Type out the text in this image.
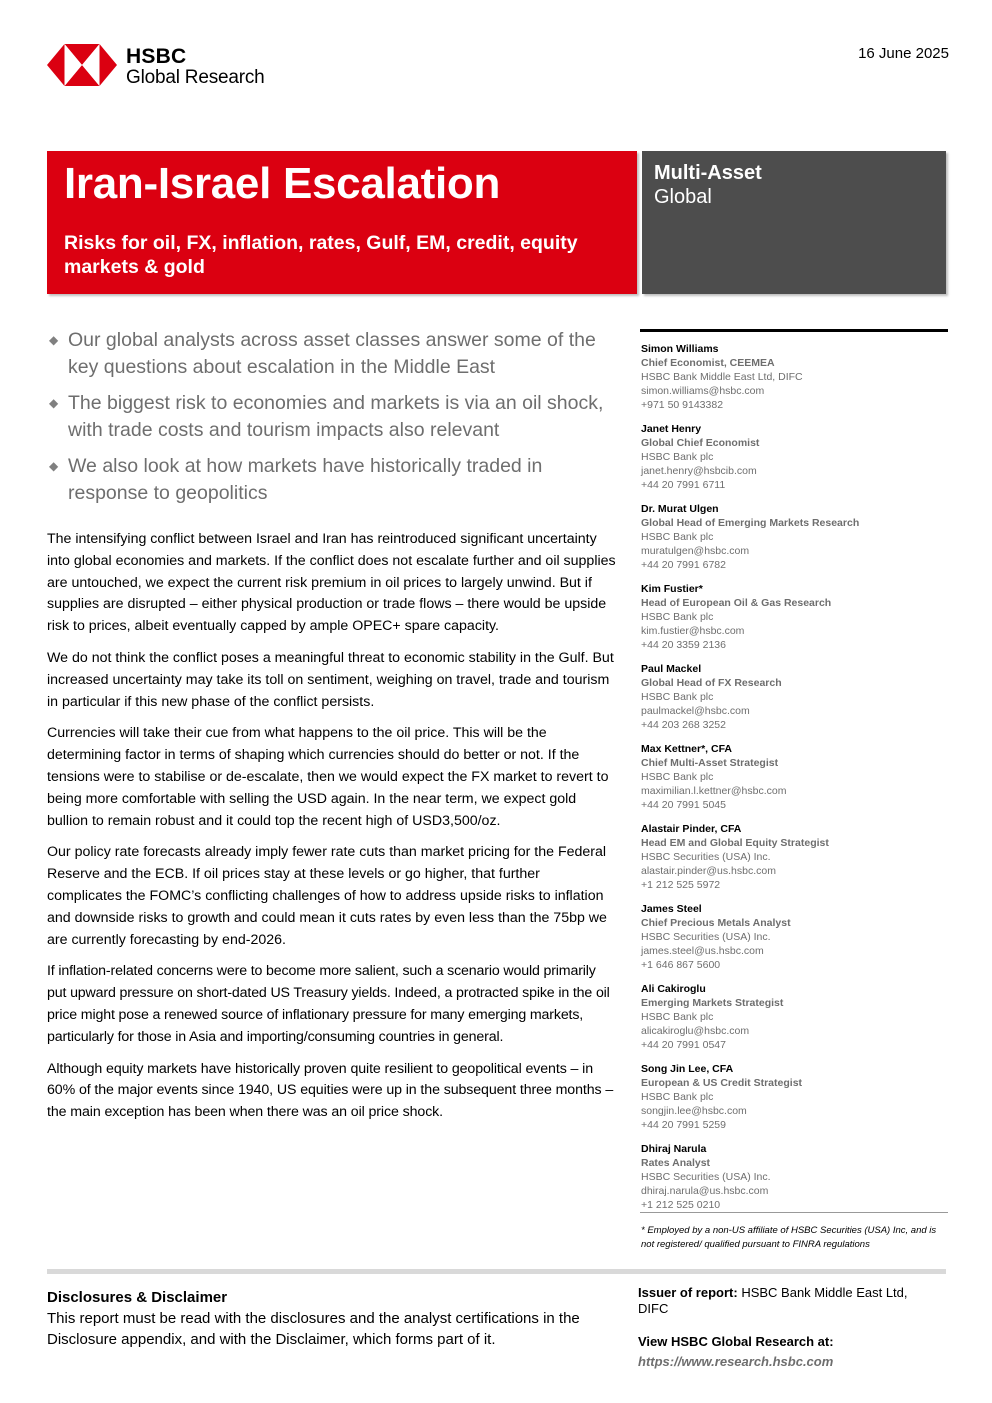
HSBC
Global Research
16 June 2025
Iran-Israel Escalation
Risks for oil, FX, inflation, rates, Gulf, EM, credit, equity markets & gold
Multi-Asset
Global
◆ Our global analysts across asset classes answer some of the key questions about escalation in the Middle East
◆ The biggest risk to economies and markets is via an oil shock, with trade costs and tourism impacts also relevant
◆ We also look at how markets have historically traded in response to geopolitics

The intensifying conflict between Israel and Iran has reintroduced significant uncertainty into global economies and markets. If the conflict does not escalate further and oil supplies are untouched, we expect the current risk premium in oil prices to largely unwind. But if supplies are disrupted – either physical production or trade flows – there would be upside risk to prices, albeit eventually capped by ample OPEC+ spare capacity.

We do not think the conflict poses a meaningful threat to economic stability in the Gulf. But increased uncertainty may take its toll on sentiment, weighing on travel, trade and tourism in particular if this new phase of the conflict persists.

Currencies will take their cue from what happens to the oil price. This will be the determining factor in terms of shaping which currencies should do better or not. If the tensions were to stabilise or de-escalate, then we would expect the FX market to revert to being more comfortable with selling the USD again. In the near term, we expect gold bullion to remain robust and it could top the recent high of USD3,500/oz.

Our policy rate forecasts already imply fewer rate cuts than market pricing for the Federal Reserve and the ECB. If oil prices stay at these levels or go higher, that further complicates the FOMC’s conflicting challenges of how to address upside risks to inflation and downside risks to growth and could mean it cuts rates by even less than the 75bp we are currently forecasting by end-2026.

If inflation-related concerns were to become more salient, such a scenario would primarily put upward pressure on short-dated US Treasury yields. Indeed, a protracted spike in the oil price might pose a renewed source of inflationary pressure for many emerging markets, particularly for those in Asia and importing/consuming countries in general.

Although equity markets have historically proven quite resilient to geopolitical events – in 60% of the major events since 1940, US equities were up in the subsequent three months – the main exception has been when there was an oil price shock.

Simon Williams
Chief Economist, CEEMEA
HSBC Bank Middle East Ltd, DIFC
simon.williams@hsbc.com
+971 50 9143382
Janet Henry
Global Chief Economist
HSBC Bank plc
janet.henry@hsbcib.com
+44 20 7991 6711
Dr. Murat Ulgen
Global Head of Emerging Markets Research
HSBC Bank plc
muratulgen@hsbc.com
+44 20 7991 6782
Kim Fustier*
Head of European Oil & Gas Research
HSBC Bank plc
kim.fustier@hsbc.com
+44 20 3359 2136
Paul Mackel
Global Head of FX Research
HSBC Bank plc
paulmackel@hsbc.com
+44 203 268 3252
Max Kettner*, CFA
Chief Multi-Asset Strategist
HSBC Bank plc
maximilian.l.kettner@hsbc.com
+44 20 7991 5045
Alastair Pinder, CFA
Head EM and Global Equity Strategist
HSBC Securities (USA) Inc.
alastair.pinder@us.hsbc.com
+1 212 525 5972
James Steel
Chief Precious Metals Analyst
HSBC Securities (USA) Inc.
james.steel@us.hsbc.com
+1 646 867 5600
Ali Cakiroglu
Emerging Markets Strategist
HSBC Bank plc
alicakiroglu@hsbc.com
+44 20 7991 0547
Song Jin Lee, CFA
European & US Credit Strategist
HSBC Bank plc
songjin.lee@hsbc.com
+44 20 7991 5259
Dhiraj Narula
Rates Analyst
HSBC Securities (USA) Inc.
dhiraj.narula@us.hsbc.com
+1 212 525 0210
* Employed by a non-US affiliate of HSBC Securities (USA) Inc, and is not registered/ qualified pursuant to FINRA regulations
Disclosures & Disclaimer
This report must be read with the disclosures and the analyst certifications in the Disclosure appendix, and with the Disclaimer, which forms part of it.
Issuer of report: HSBC Bank Middle East Ltd, DIFC
View HSBC Global Research at:
https://www.research.hsbc.com
